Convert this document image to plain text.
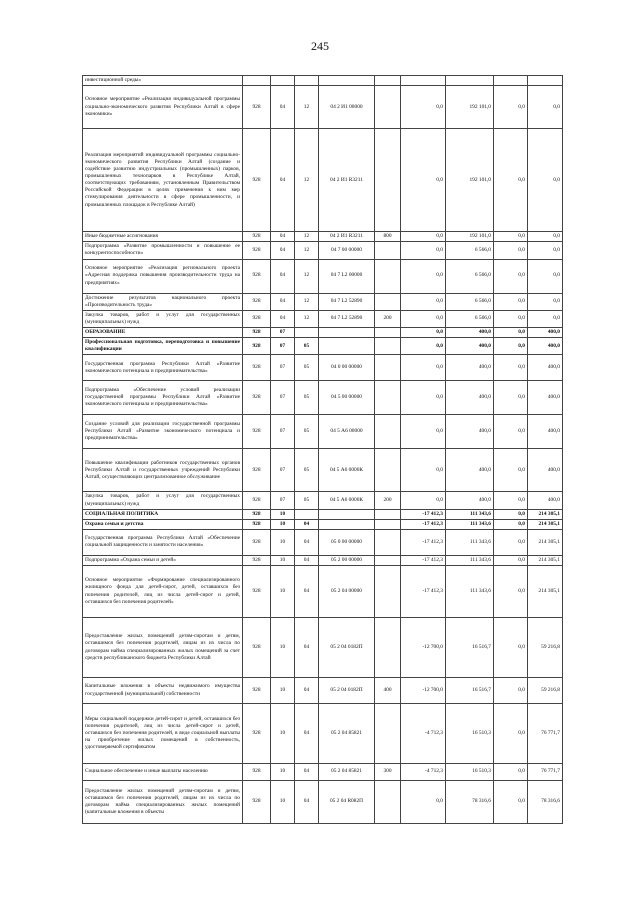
245
инвестиционной среды»									
Основное мероприятие «Реализация индивидуальной программы социально-экономического развития Республики Алтай в сфере экономики»	928	04	12	04 2 И1 00000		0,0	192 101,0	0,0	0,0
Реализация мероприятий индивидуальной программы социально-экономического развития Республики Алтай (создание и содействие развитию индустриальных (промышленных) парков, промышленных технопарков в Республике Алтай, соответствующих требованиям, установленным Правительством Российской Федерации в целях применения к ним мер стимулирования деятельности в сфере промышленности, и промышленных площадок в Республике Алтай)	928	04	12	04 2 И1 R3211		0,0	192 101,0	0,0	0,0
Иные бюджетные ассигнования	928	04	12	04 2 И1 R3211	800	0,0	192 101,0	0,0	0,0
Подпрограмма «Развитие промышленности и повышение ее конкурентоспособности»	928	04	12	04 7 00 00000		0,0	6 566,0	0,0	0,0
Основное мероприятие «Реализация регионального проекта «Адресная поддержка повышения производительности труда на предприятиях»	928	04	12	04 7 L2 00000		0,0	6 566,0	0,0	0,0
Достижение результатов национального проекта «Производительность труда»	928	04	12	04 7 L2 52890		0,0	6 566,0	0,0	0,0
Закупка товаров, работ и услуг для государственных (муниципальных) нужд	928	04	12	04 7 L2 52890	200	0,0	6 566,0	0,0	0,0
ОБРАЗОВАНИЕ	928	07				0,0	400,0	0,0	400,0
Профессиональная подготовка, переподготовка и повышение квалификации	928	07	05			0,0	400,0	0,0	400,0
Государственная программа Республики Алтай «Развитие экономического потенциала и предпринимательства»	928	07	05	04 0 00 00000		0,0	400,0	0,0	400,0
Подпрограмма «Обеспечение условий реализации государственной программы Республики Алтай «Развитие экономического потенциала и предпринимательства»	928	07	05	04 5 00 00000		0,0	400,0	0,0	400,0
Создание условий для реализации государственной программы Республики Алтай «Развитие экономического потенциала и предпринимательства»	928	07	05	04 5 А6 00000		0,0	400,0	0,0	400,0
Повышение квалификации работников государственных органов Республики Алтай и государственных учреждений Республики Алтай, осуществляющих централизованное обслуживание	928	07	05	04 5 А6 0000К		0,0	400,0	0,0	400,0
Закупка товаров, работ и услуг для государственных (муниципальных) нужд	928	07	05	04 5 А6 0000К	200	0,0	400,0	0,0	400,0
СОЦИАЛЬНАЯ ПОЛИТИКА	928	10				-17 412,3	111 343,6	0,0	214 305,1
Охрана семьи и детства	928	10	04			-17 412,3	111 343,6	0,0	214 305,1
Государственная программа Республики Алтай «Обеспечение социальной защищенности и занятости населения»	928	10	04	05 0 00 00000		-17 412,3	111 343,6	0,0	214 305,1
Подпрограмма «Охрана семьи и детей»	928	10	04	05 2 00 00000		-17 412,3	111 343,6	0,0	214 305,1
Основное мероприятие «Формирование специализированного жилищного фонда для детей-сирот, детей, оставшихся без попечения родителей, лиц из числа детей-сирот и детей, оставшихся без попечения родителей»	928	10	04	05 2 04 00000		-17 412,3	111 343,6	0,0	214 305,1
Предоставление жилых помещений детям-сиротам и детям, оставшимся без попечения родителей, лицам из их числа по договорам найма специализированных жилых помещений за счет средств республиканского бюджета Республики Алтай	928	10	04	05 2 04 0182П		-12 700,0	16 516,7	0,0	59 216,8
Капитальные вложения в объекты недвижимого имущества государственной (муниципальной) собственности	928	10	04	05 2 04 0182П	400	-12 700,0	16 516,7	0,0	59 216,8
Меры социальной поддержки детей-сирот и детей, оставшихся без попечения родителей, лиц из числа детей-сирот и детей, оставшихся без попечения родителей, в виде социальной выплаты на приобретение жилых помещений в собственность, удостоверяемой сертификатом	928	10	04	05 2 04 85821		-4 712,3	16 510,3	0,0	76 771,7
Социальное обеспечение и иные выплаты населению	928	10	04	05 2 04 85821	300	-4 712,3	16 510,3	0,0	76 771,7
Предоставление жилых помещений детям-сиротам и детям, оставшимся без попечения родителей, лицам из их числа по договорам найма специализированных жилых помещений (капитальные вложения в объекты	928	10	04	05 2 04 R082П		0,0	78 316,6	0,0	78 316,6
